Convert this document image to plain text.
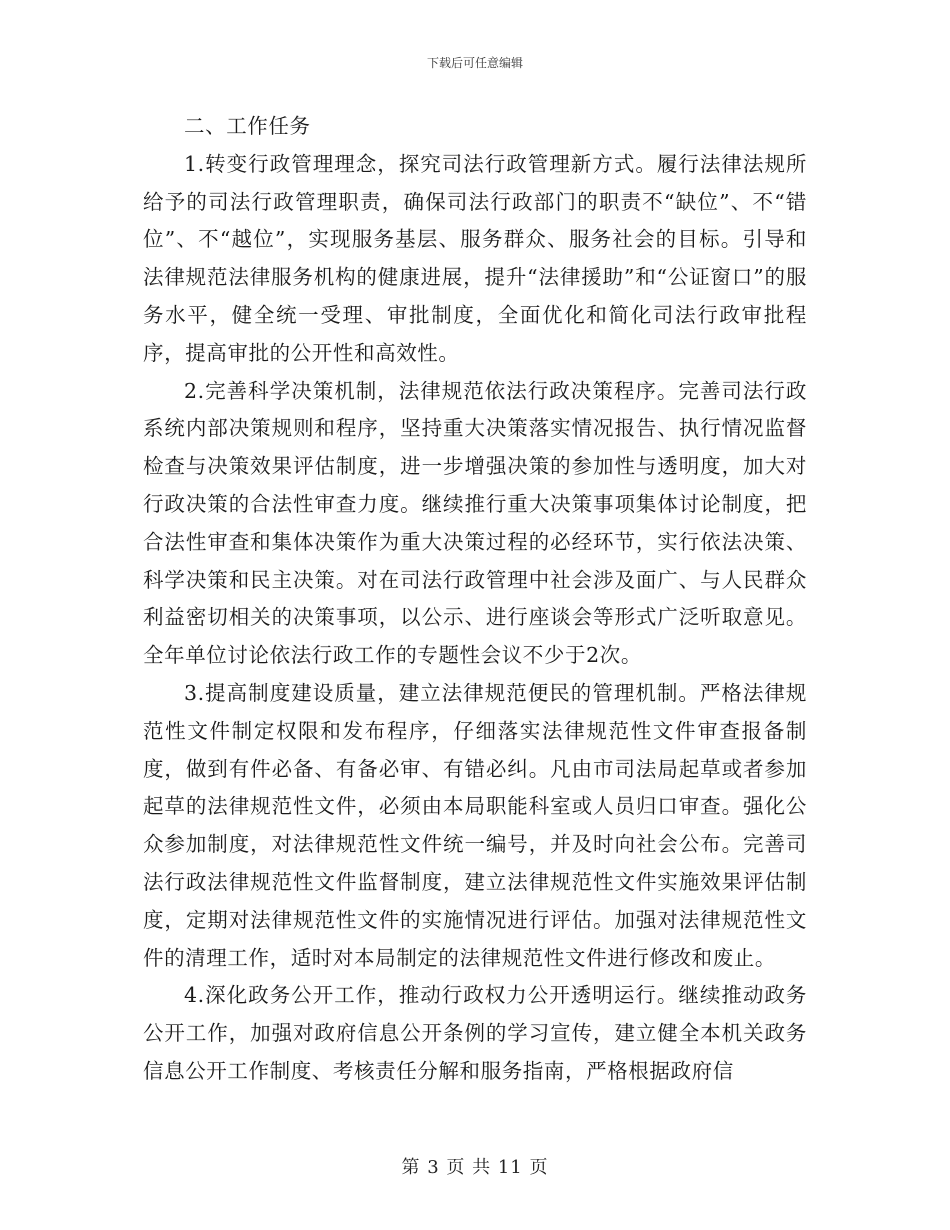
下载后可任意编辑

二、工作任务

1.转变行政管理理念，探究司法行政管理新方式。履行法律法规所给予的司法行政管理职责，确保司法行政部门的职责不“缺位”、不“错位”、不“越位”，实现服务基层、服务群众、服务社会的目标。引导和法律规范法律服务机构的健康进展，提升“法律援助”和“公证窗口”的服务水平，健全统一受理、审批制度，全面优化和简化司法行政审批程序，提高审批的公开性和高效性。

2.完善科学决策机制，法律规范依法行政决策程序。完善司法行政系统内部决策规则和程序，坚持重大决策落实情况报告、执行情况监督检查与决策效果评估制度，进一步增强决策的参加性与透明度，加大对行政决策的合法性审查力度。继续推行重大决策事项集体讨论制度，把合法性审查和集体决策作为重大决策过程的必经环节，实行依法决策、科学决策和民主决策。对在司法行政管理中社会涉及面广、与人民群众利益密切相关的决策事项，以公示、进行座谈会等形式广泛听取意见。全年单位讨论依法行政工作的专题性会议不少于2次。

3.提高制度建设质量，建立法律规范便民的管理机制。严格法律规范性文件制定权限和发布程序，仔细落实法律规范性文件审查报备制度，做到有件必备、有备必审、有错必纠。凡由市司法局起草或者参加起草的法律规范性文件，必须由本局职能科室或人员归口审查。强化公众参加制度，对法律规范性文件统一编号，并及时向社会公布。完善司法行政法律规范性文件监督制度，建立法律规范性文件实施效果评估制度，定期对法律规范性文件的实施情况进行评估。加强对法律规范性文件的清理工作，适时对本局制定的法律规范性文件进行修改和废止。

4.深化政务公开工作，推动行政权力公开透明运行。继续推动政务公开工作，加强对政府信息公开条例的学习宣传，建立健全本机关政务信息公开工作制度、考核责任分解和服务指南，严格根据政府信

第 3 页 共 11 页
